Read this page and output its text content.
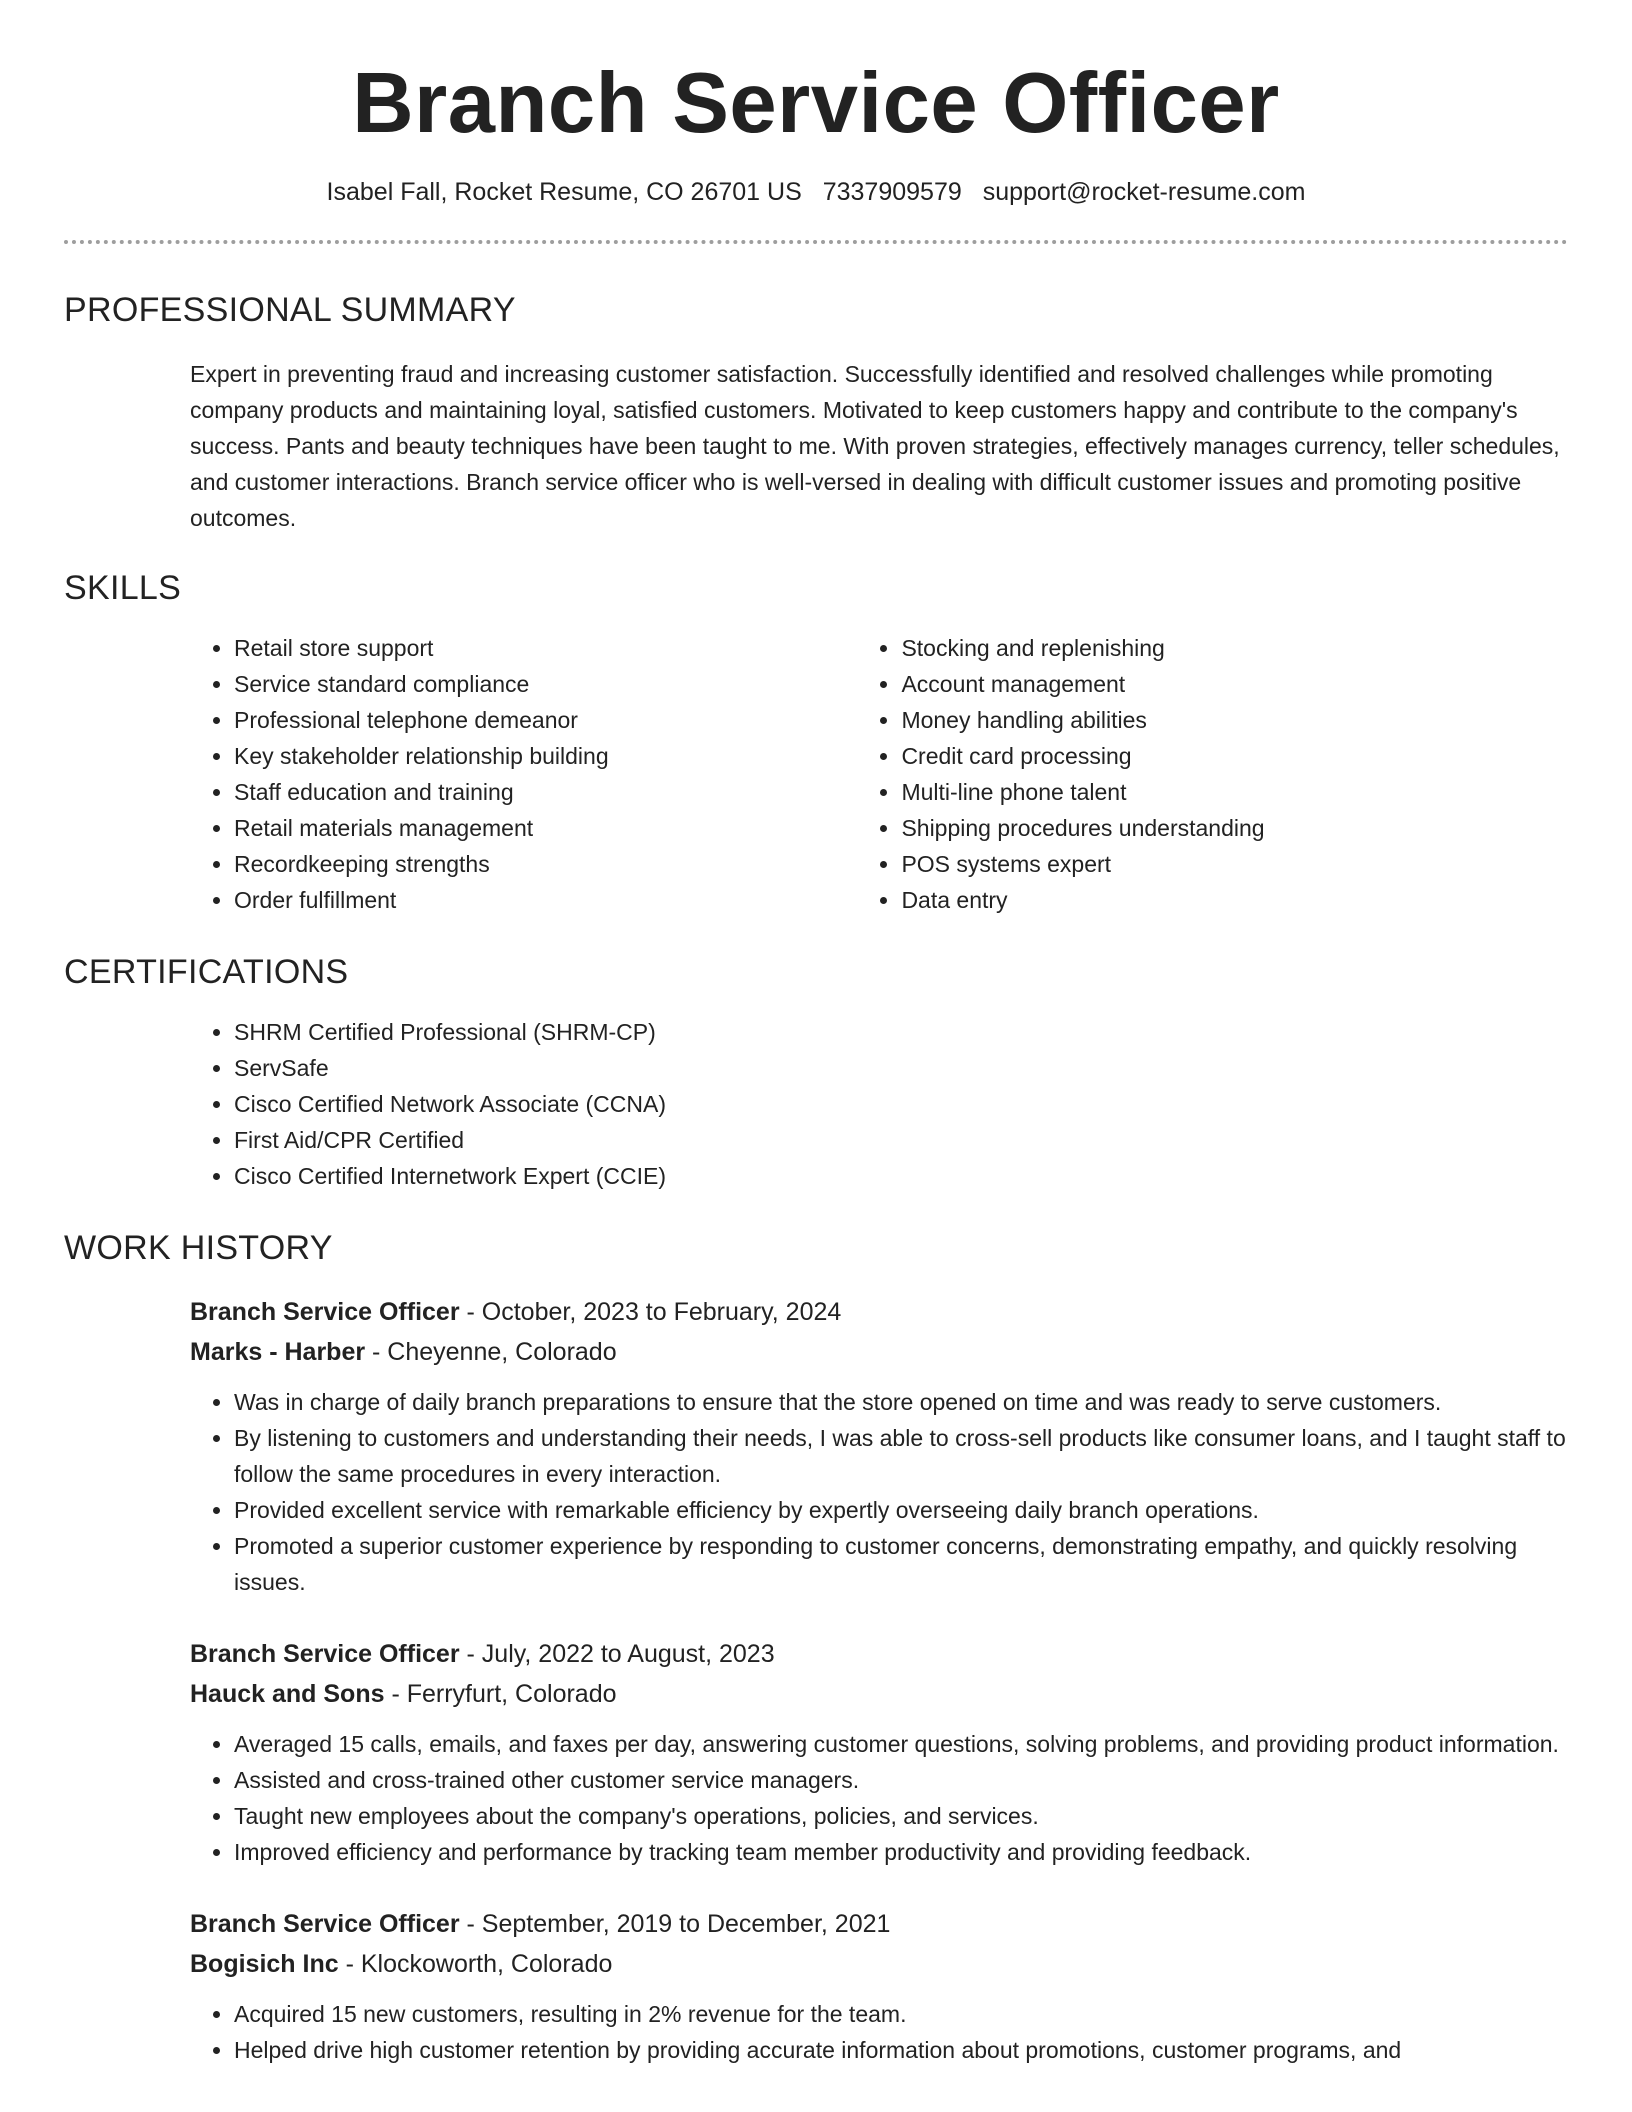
Branch Service Officer
Isabel Fall, Rocket Resume, CO 26701 US 7337909579 support@rocket-resume.com
PROFESSIONAL SUMMARY

Expert in preventing fraud and increasing customer satisfaction. Successfully identified and resolved challenges while promoting company products and maintaining loyal, satisfied customers. Motivated to keep customers happy and contribute to the company's success. Pants and beauty techniques have been taught to me. With proven strategies, effectively manages currency, teller schedules, and customer interactions. Branch service officer who is well-versed in dealing with difficult customer issues and promoting positive outcomes.

SKILLS
• Retail store support
• Service standard compliance
• Professional telephone demeanor
• Key stakeholder relationship building
• Staff education and training
• Retail materials management
• Recordkeeping strengths
• Order fulfillment
• Stocking and replenishing
• Account management
• Money handling abilities
• Credit card processing
• Multi-line phone talent
• Shipping procedures understanding
• POS systems expert
• Data entry
CERTIFICATIONS
• SHRM Certified Professional (SHRM-CP)
• ServSafe
• Cisco Certified Network Associate (CCNA)
• First Aid/CPR Certified
• Cisco Certified Internetwork Expert (CCIE)
WORK HISTORY
Branch Service Officer - October, 2023 to February, 2024
Marks - Harber - Cheyenne, Colorado
• Was in charge of daily branch preparations to ensure that the store opened on time and was ready to serve customers.
• By listening to customers and understanding their needs, I was able to cross-sell products like consumer loans, and I taught staff to follow the same procedures in every interaction.
• Provided excellent service with remarkable efficiency by expertly overseeing daily branch operations.
• Promoted a superior customer experience by responding to customer concerns, demonstrating empathy, and quickly resolving issues.
Branch Service Officer - July, 2022 to August, 2023
Hauck and Sons - Ferryfurt, Colorado
• Averaged 15 calls, emails, and faxes per day, answering customer questions, solving problems, and providing product information.
• Assisted and cross-trained other customer service managers.
• Taught new employees about the company's operations, policies, and services.
• Improved efficiency and performance by tracking team member productivity and providing feedback.
Branch Service Officer - September, 2019 to December, 2021
Bogisich Inc - Klockoworth, Colorado
• Acquired 15 new customers, resulting in 2% revenue for the team.
• Helped drive high customer retention by providing accurate information about promotions, customer programs, and
